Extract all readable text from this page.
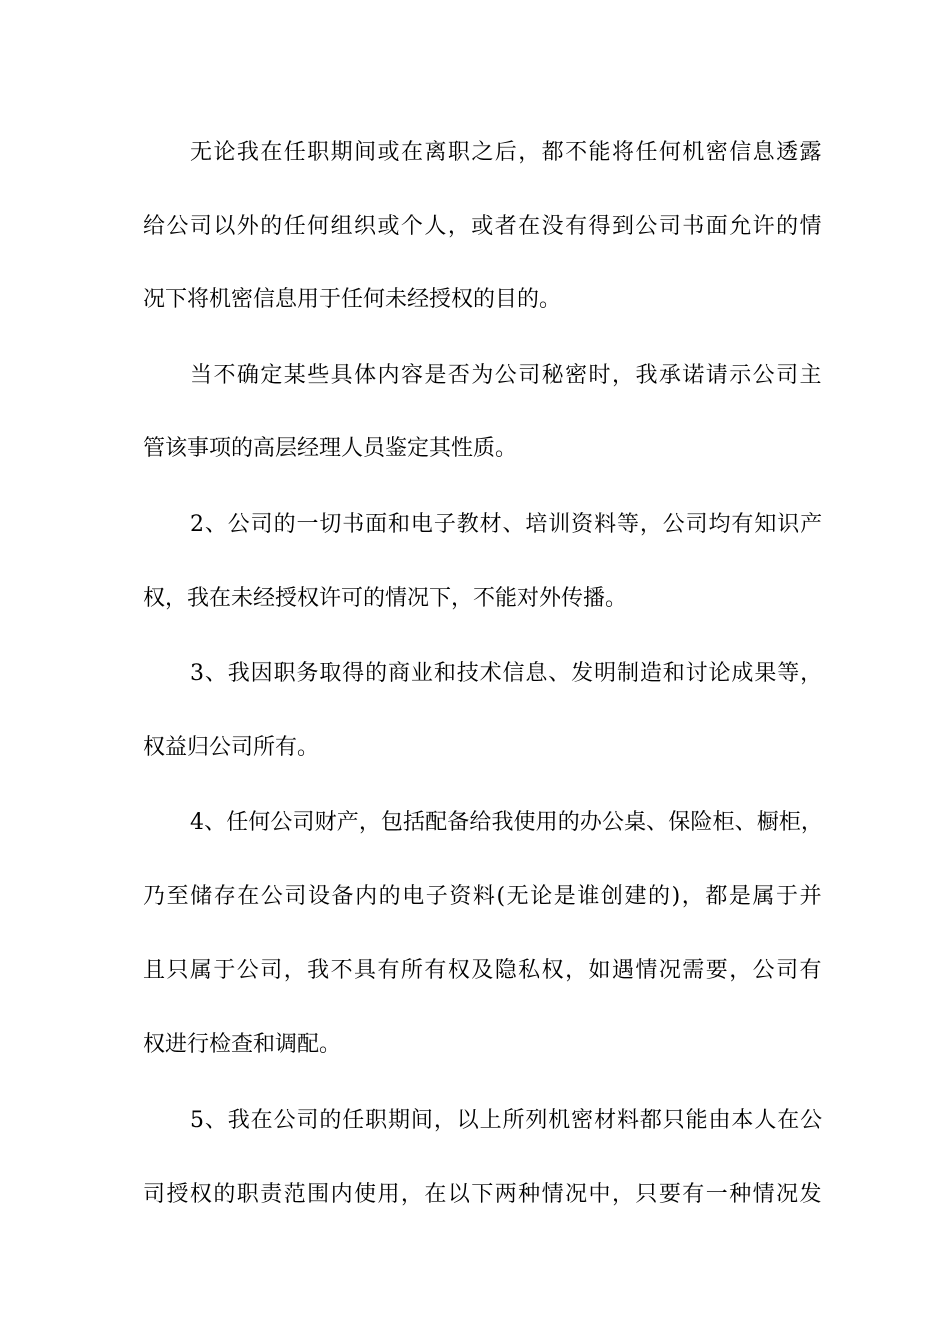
无论我在任职期间或在离职之后，都不能将任何机密信息透露
给公司以外的任何组织或个人，或者在没有得到公司书面允许的情
况下将机密信息用于任何未经授权的目的。
当不确定某些具体内容是否为公司秘密时，我承诺请示公司主
管该事项的高层经理人员鉴定其性质。
2、公司的一切书面和电子教材、培训资料等，公司均有知识产
权，我在未经授权许可的情况下，不能对外传播。
3、我因职务取得的商业和技术信息、发明制造和讨论成果等，
权益归公司所有。
4、任何公司财产，包括配备给我使用的办公桌、保险柜、橱柜，
乃至储存在公司设备内的电子资料(无论是谁创建的)，都是属于并
且只属于公司，我不具有所有权及隐私权，如遇情况需要，公司有
权进行检查和调配。
5、我在公司的任职期间，以上所列机密材料都只能由本人在公
司授权的职责范围内使用，在以下两种情况中，只要有一种情况发
